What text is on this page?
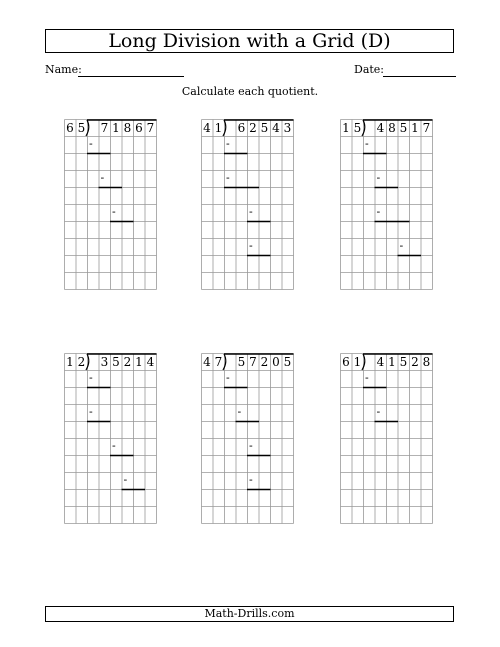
Long Division with a Grid (D)
Name:	Date:
Calculate each quotient.
6 5 7 1 8 6 7
-
-
-
4 1 6 2 5 4 3
-
-
-
-
1 5 4 8 5 1 7
-
-
-
-
1 2 3 5 2 1 4
-
-
-
-
4 7 5 7 2 0 5
-
-
-
-
6 1 4 1 5 2 8
-
-
Math-Drills.com
